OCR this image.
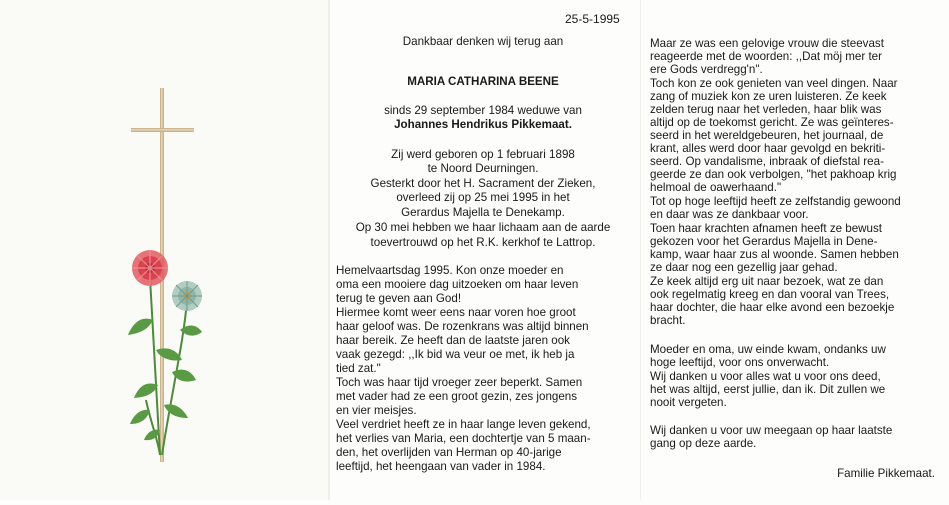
25-5-1995
Dankbaar denken wij terug aan
MARIA CATHARINA BEENE
sinds 29 september 1984 weduwe van
Johannes Hendrikus Pikkemaat.
Zij werd geboren op 1 februari 1898
te Noord Deurningen.
Gesterkt door het H. Sacrament der Zieken,
overleed zij op 25 mei 1995 in het
Gerardus Majella te Denekamp.
Op 30 mei hebben we haar lichaam aan de aarde
toevertrouwd op het R.K. kerkhof te Lattrop.
Hemelvaartsdag 1995. Kon onze moeder en
oma een mooiere dag uitzoeken om haar leven
terug te geven aan God!
Hiermee komt weer eens naar voren hoe groot
haar geloof was. De rozenkrans was altijd binnen
haar bereik. Ze heeft dan de laatste jaren ook
vaak gezegd: ,,Ik bid wa veur oe met, ik heb ja
tied zat."
Toch was haar tijd vroeger zeer beperkt. Samen
met vader had ze een groot gezin, zes jongens
en vier meisjes.
Veel verdriet heeft ze in haar lange leven gekend,
het verlies van Maria, een dochtertje van 5 maan-
den, het overlijden van Herman op 40-jarige
leeftijd, het heengaan van vader in 1984.
Maar ze was een gelovige vrouw die steevast
reageerde met de woorden: ,,Dat möj mer ter
ere Gods verdregg'n".
Toch kon ze ook genieten van veel dingen. Naar
zang of muziek kon ze uren luisteren. Ze keek
zelden terug naar het verleden, haar blik was
altijd op de toekomst gericht. Ze was geïnteres-
seerd in het wereldgebeuren, het journaal, de
krant, alles werd door haar gevolgd en bekriti-
seerd. Op vandalisme, inbraak of diefstal rea-
geerde ze dan ook verbolgen, "het pakhoap krig
helmoal de oawerhaand."
Tot op hoge leeftijd heeft ze zelfstandig gewoond
en daar was ze dankbaar voor.
Toen haar krachten afnamen heeft ze bewust
gekozen voor het Gerardus Majella in Dene-
kamp, waar haar zus al woonde. Samen hebben
ze daar nog een gezellig jaar gehad.
Ze keek altijd erg uit naar bezoek, wat ze dan
ook regelmatig kreeg en dan vooral van Trees,
haar dochter, die haar elke avond een bezoekje
bracht.
Moeder en oma, uw einde kwam, ondanks uw
hoge leeftijd, voor ons onverwacht.
Wij danken u voor alles wat u voor ons deed,
het was altijd, eerst jullie, dan ik. Dit zullen we
nooit vergeten.
Wij danken u voor uw meegaan op haar laatste
gang op deze aarde.
Familie Pikkemaat.
